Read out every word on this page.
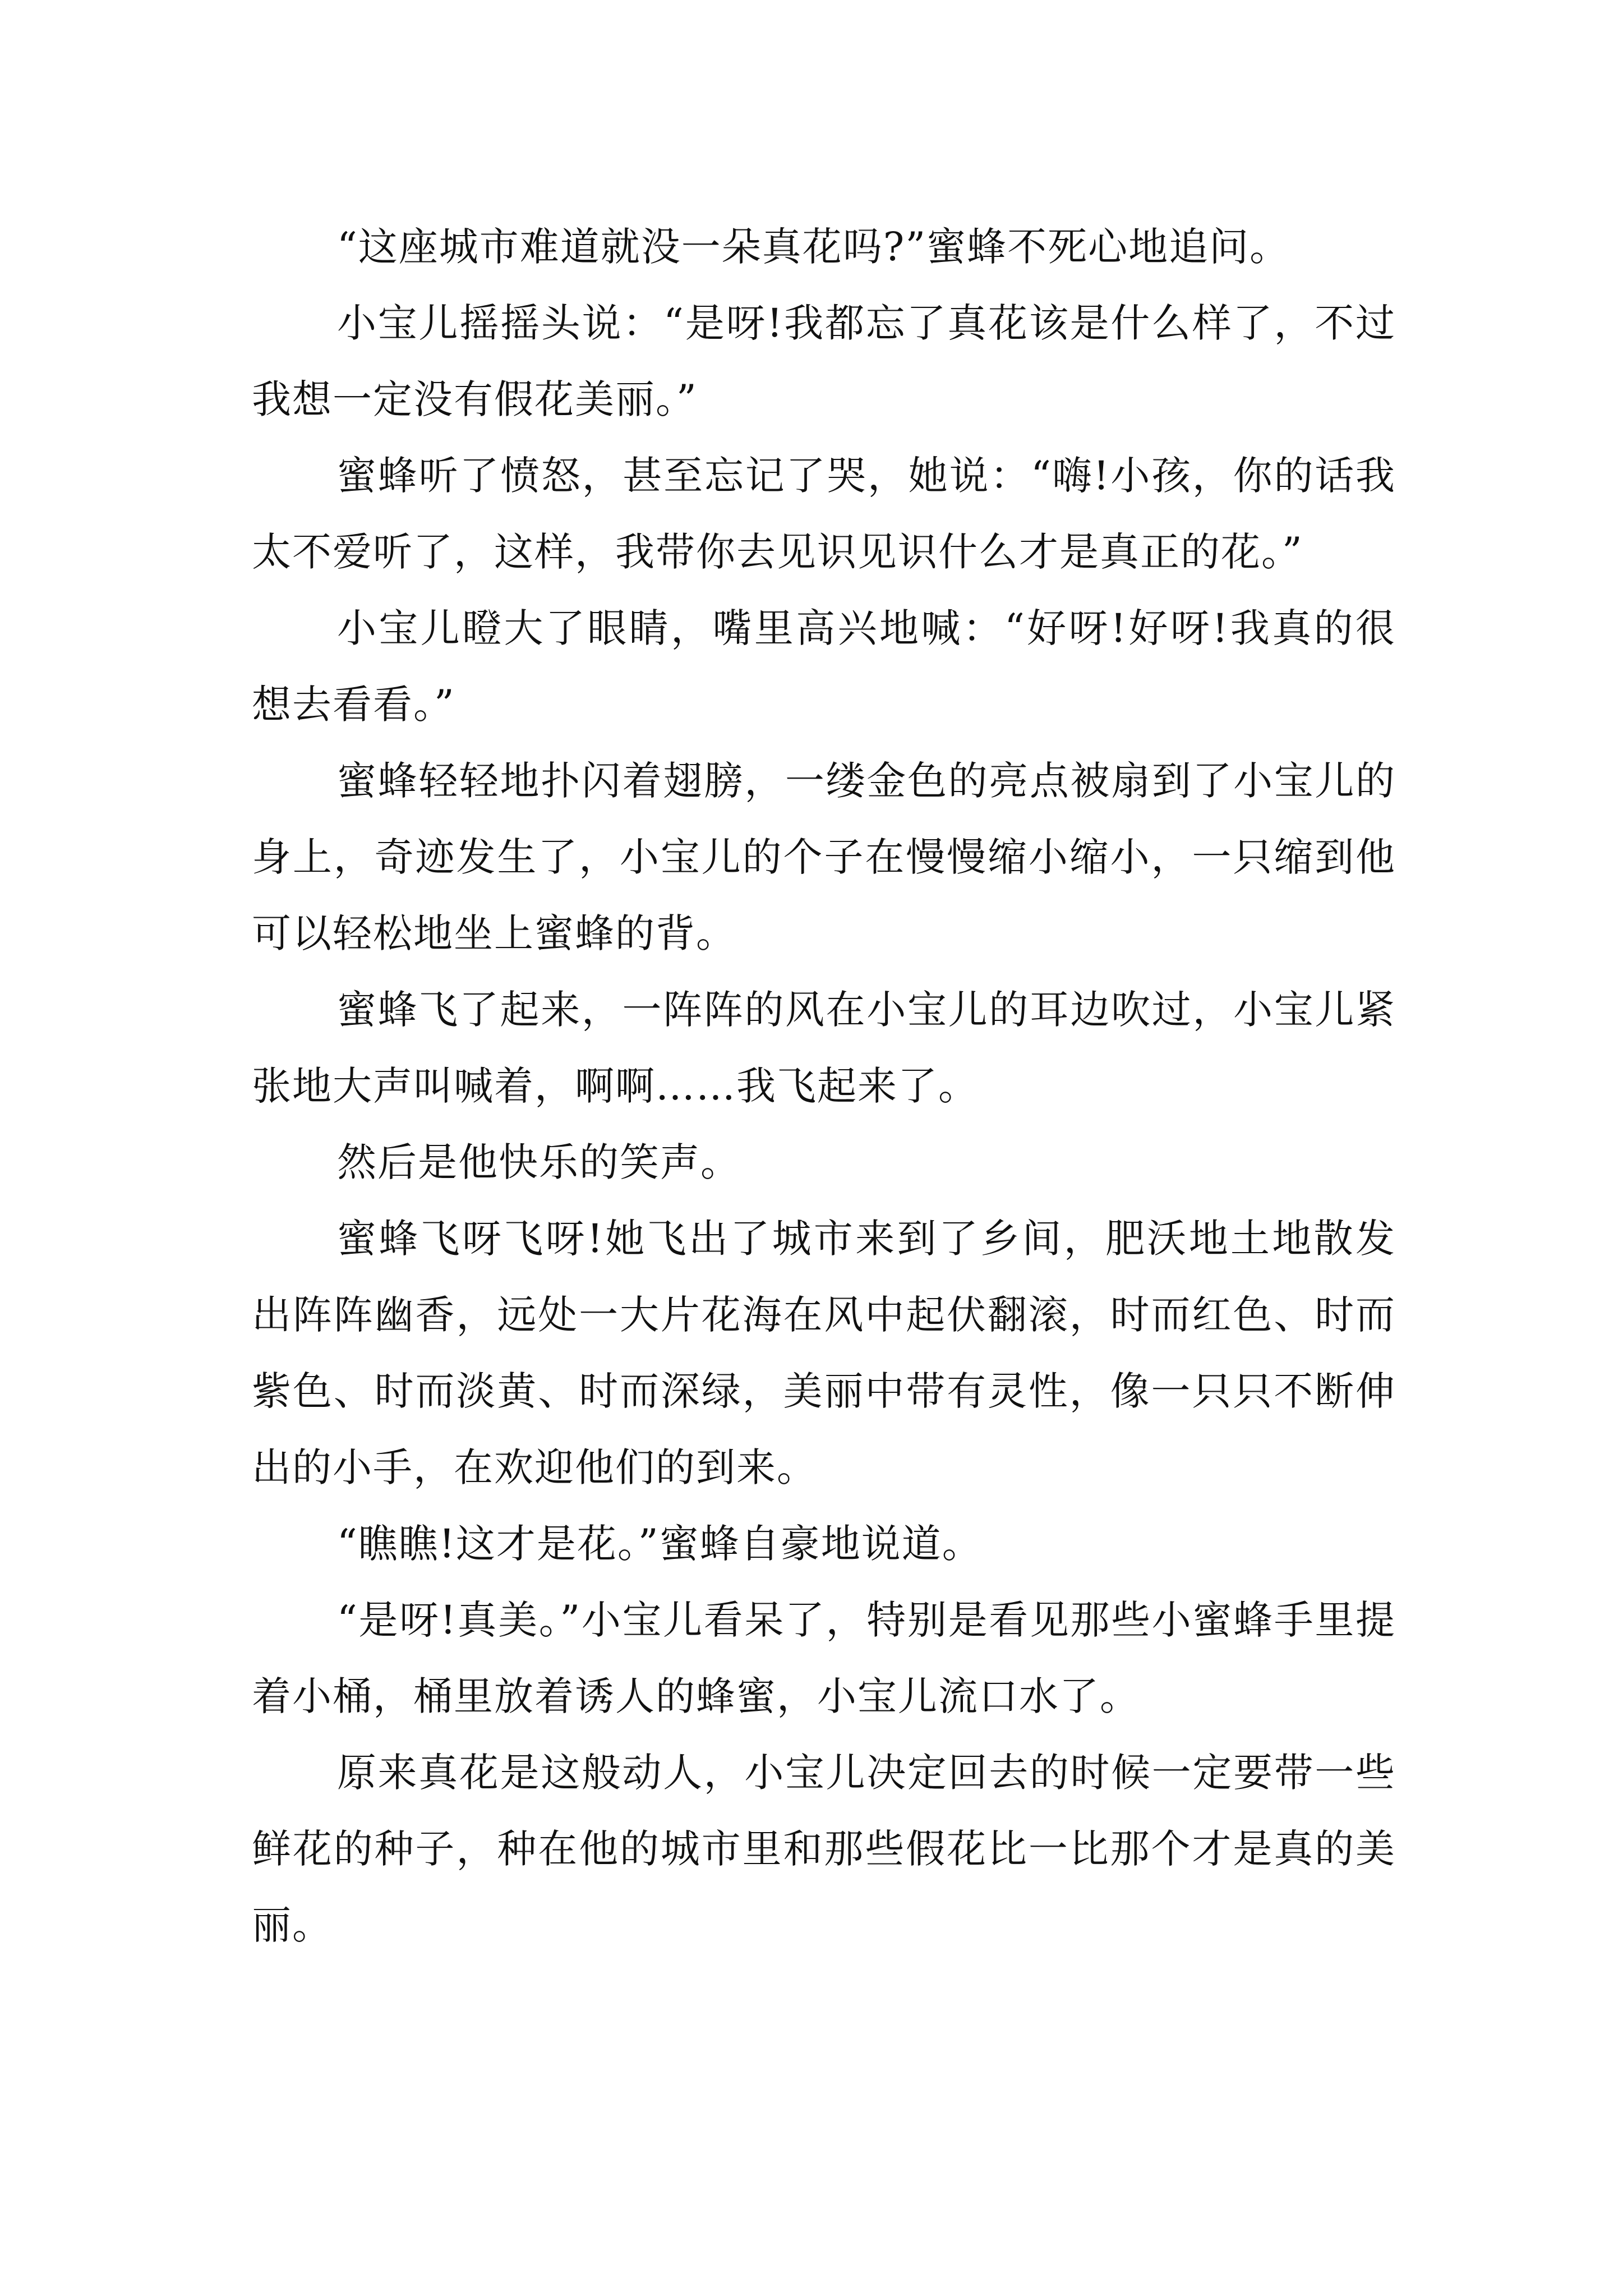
“这座城市难道就没一朵真花吗?”蜜蜂不死心地追问。

小宝儿摇摇头说：“是呀!我都忘了真花该是什么样了，不过我想一定没有假花美丽。”

蜜蜂听了愤怒，甚至忘记了哭，她说：“嗨!小孩，你的话我太不爱听了，这样，我带你去见识见识什么才是真正的花。”

小宝儿瞪大了眼睛，嘴里高兴地喊：“好呀!好呀!我真的很想去看看。”

蜜蜂轻轻地扑闪着翅膀，一缕金色的亮点被扇到了小宝儿的身上，奇迹发生了，小宝儿的个子在慢慢缩小缩小，一只缩到他可以轻松地坐上蜜蜂的背。

蜜蜂飞了起来，一阵阵的风在小宝儿的耳边吹过，小宝儿紧张地大声叫喊着，啊啊……我飞起来了。

然后是他快乐的笑声。

蜜蜂飞呀飞呀!她飞出了城市来到了乡间，肥沃地土地散发出阵阵幽香，远处一大片花海在风中起伏翻滚，时而红色、时而紫色、时而淡黄、时而深绿，美丽中带有灵性，像一只只不断伸出的小手，在欢迎他们的到来。

“瞧瞧!这才是花。”蜜蜂自豪地说道。

“是呀!真美。”小宝儿看呆了，特别是看见那些小蜜蜂手里提着小桶，桶里放着诱人的蜂蜜，小宝儿流口水了。

原来真花是这般动人，小宝儿决定回去的时候一定要带一些鲜花的种子，种在他的城市里和那些假花比一比那个才是真的美丽。
